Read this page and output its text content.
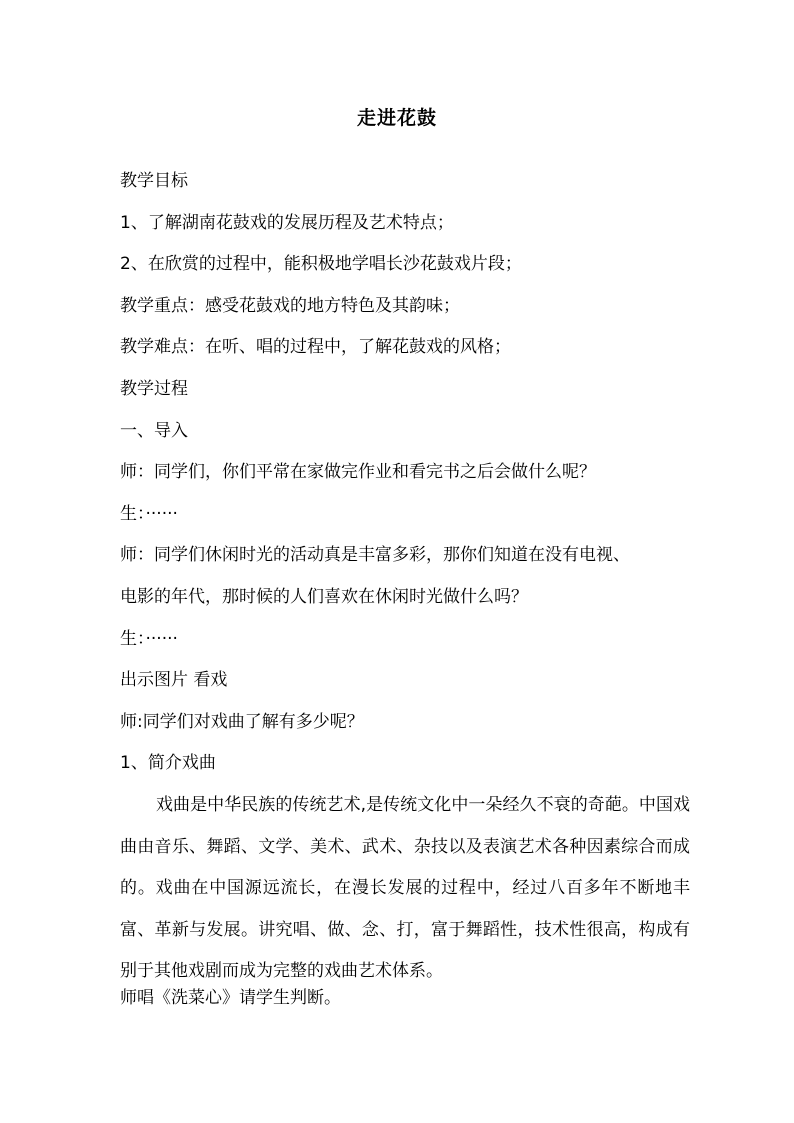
走进花鼓
教学目标
1、了解湖南花鼓戏的发展历程及艺术特点；
2、在欣赏的过程中，能积极地学唱长沙花鼓戏片段；
教学重点：感受花鼓戏的地方特色及其韵味；
教学难点：在听、唱的过程中，了解花鼓戏的风格；
教学过程
一、导入
师：同学们，你们平常在家做完作业和看完书之后会做什么呢？
生：······
师：同学们休闲时光的活动真是丰富多彩，那你们知道在没有电视、
电影的年代，那时候的人们喜欢在休闲时光做什么吗？
生：······
出示图片 看戏
师:同学们对戏曲了解有多少呢？
1、简介戏曲
戏曲是中华民族的传统艺术,是传统文化中一朵经久不衰的奇葩。中国戏曲由音乐、舞蹈、文学、美术、武术、杂技以及表演艺术各种因素综合而成的。戏曲在中国源远流长，在漫长发展的过程中，经过八百多年不断地丰富、革新与发展。讲究唱、做、念、打，富于舞蹈性，技术性很高，构成有别于其他戏剧而成为完整的戏曲艺术体系。
师唱《洗菜心》请学生判断。
